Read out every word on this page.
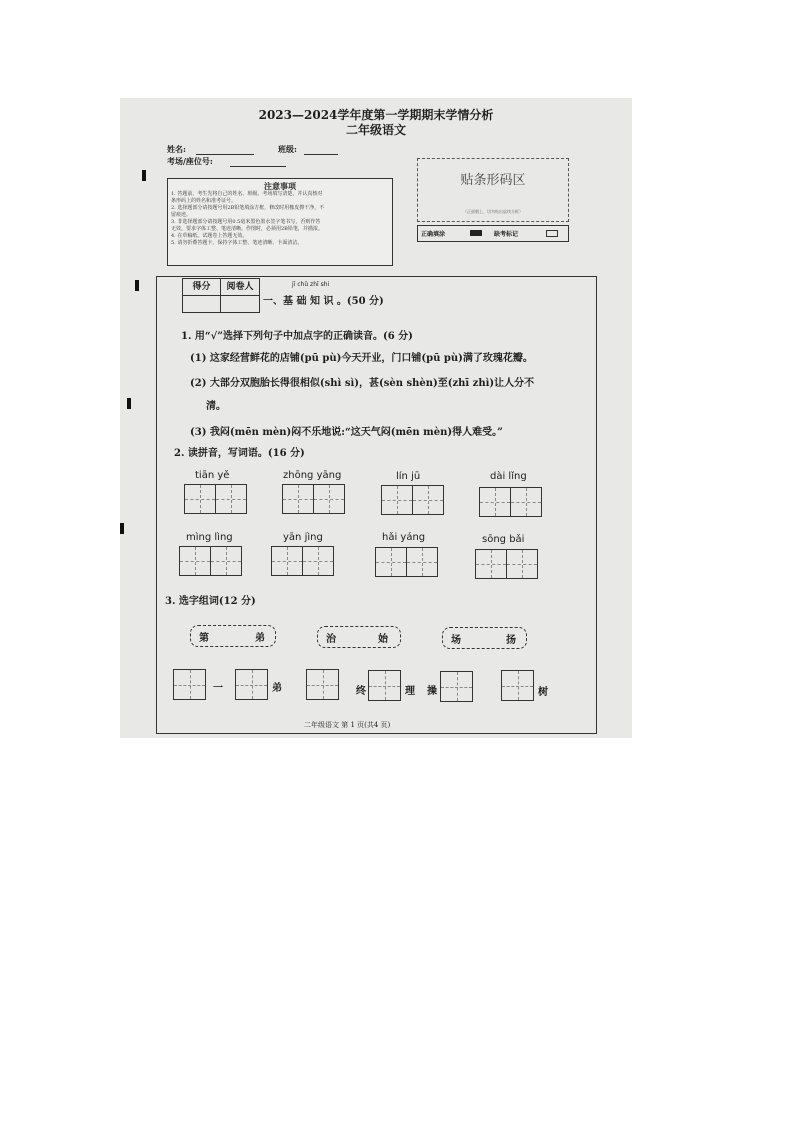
2023—2024学年度第一学期期末学情分析
二年级语文
姓名:	班级:
考场/座位号:
注意事项
1. 答题前，考生先将自己的姓名、班级、考场填写清楚，并认真核对
条形码上的姓名和准考证号。
2. 选择题部分请按题号用2B铅笔填涂方框，修改时用橡皮擦干净，不
留痕迹。
3. 非选择题部分请按题号用0.5毫米黑色墨水签字笔书写，否则作答
无效。要求字体工整、笔迹清晰。作图时，必须用2B铅笔，并描浓。
4. 在草稿纸、试题卷上答题无效。
5. 请勿折叠答题卡，保持字体工整、笔迹清晰、卡面清洁。
贴条形码区
（正面朝上，切勿贴出虚线方框）
正确填涂	缺考标记
得分	阅卷人	jī chǔ zhī shi
一、基 础 知 识 。(50 分)
1. 用“√”选择下列句子中加点字的正确读音。(6 分)
(1) 这家经营鲜花的店铺(pū pù)今天开业，门口铺(pū pù)满了玫瑰花瓣。
(2) 大部分双胞胎长得很相似(shì sì)，甚(sèn shèn)至(zhī zhì)让人分不
清。
(3) 我闷(mēn mèn)闷不乐地说:“这天气闷(mēn mèn)得人难受。”
2. 读拼音，写词语。(16 分)
tiān yě	zhōng yāng	lín jū	dài lǐng
mìng lìng	yān jìng	hǎi yáng	sōng bǎi
3. 选字组词(12 分)
第	弟	治	始	场	扬
一	弟	终	理 操	树
二年级语文 第 1 页(共4 页)
